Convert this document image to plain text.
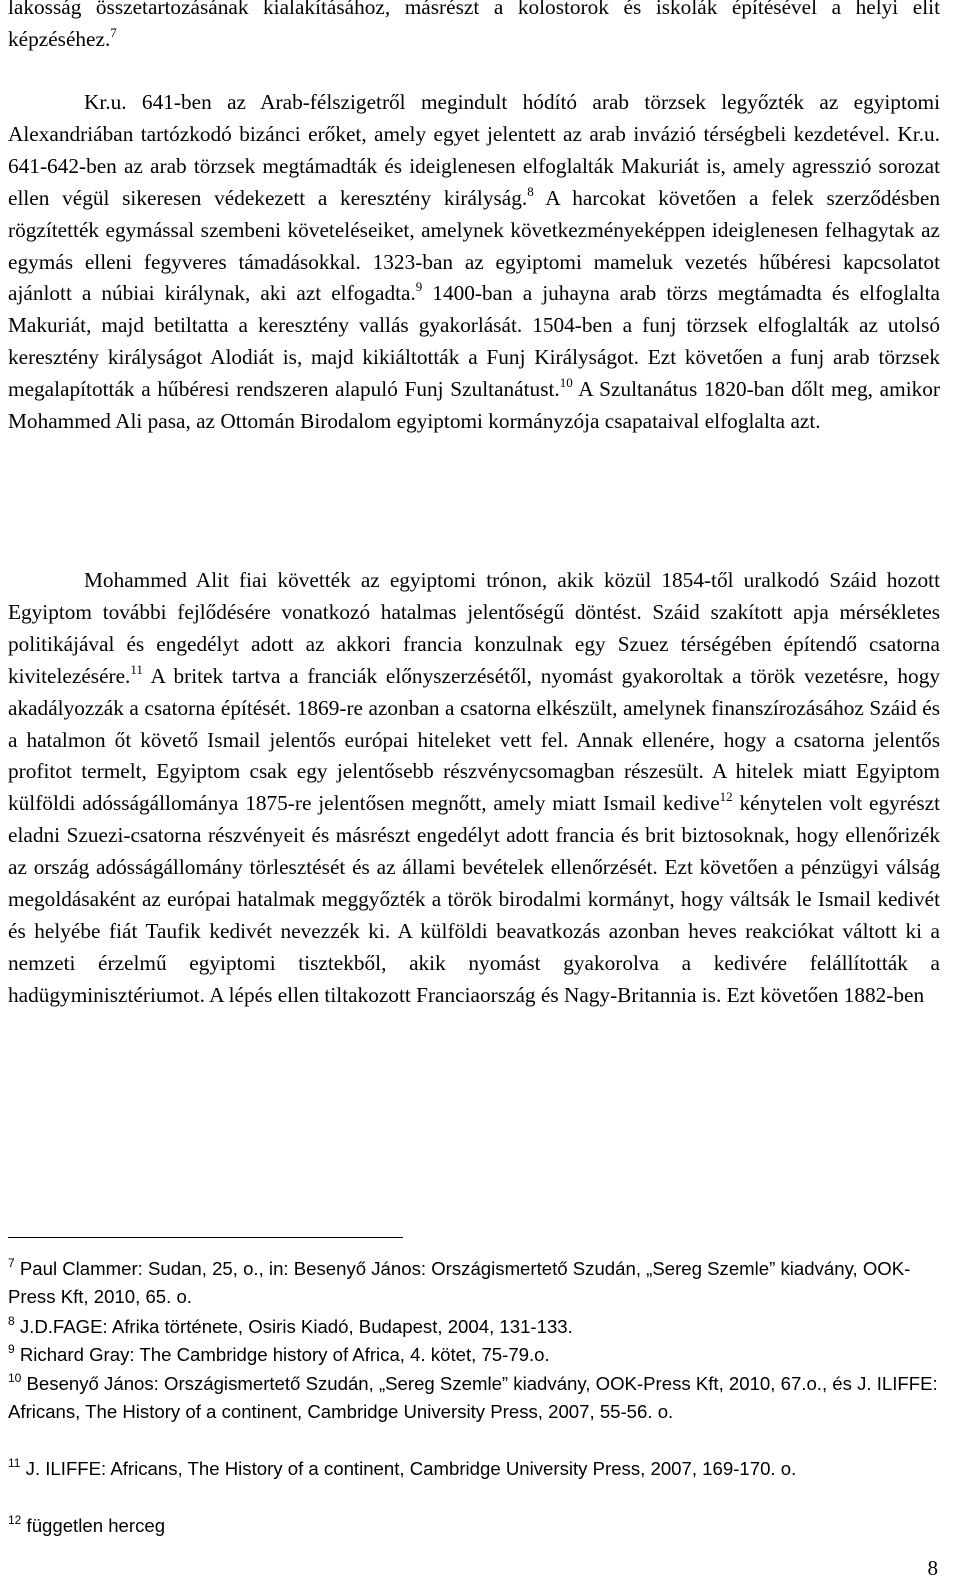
lakosság összetartozásának kialakításához, másrészt a kolostorok és iskolák építésével a helyi elit képzéséhez.$^7$

Kr.u. 641-ben az Arab-félszigetről megindult hódító arab törzsek legyőzték az egyiptomi Alexandriában tartózkodó bizánci erőket, amely egyet jelentett az arab invázió térségbeli kezdetével. Kr.u. 641-642-ben az arab törzsek megtámadták és ideiglenesen elfoglalták Makuriát is, amely agresszió sorozat ellen végül sikeresen védekezett a keresztény királyság.$^8$ A harcokat követően a felek szerződésben rögzítették egymással szembeni követeléseiket, amelynek következményeképpen ideiglenesen felhagytak az egymás elleni fegyveres támadásokkal. 1323-ban az egyiptomi mameluk vezetés hűbéresi kapcsolatot ajánlott a núbiai királynak, aki azt elfogadta.$^9$ 1400-ban a juhayna arab törzs megtámadta és elfoglalta Makuriát, majd betiltatta a keresztény vallás gyakorlását. 1504-ben a funj törzsek elfoglalták az utolsó keresztény királyságot Alodiát is, majd kikiáltották a Funj Királyságot. Ezt követően a funj arab törzsek megalapították a hűbéresi rendszeren alapuló Funj Szultanátust.$^{10}$ A Szultanátus 1820-ban dőlt meg, amikor Mohammed Ali pasa, az Ottomán Birodalom egyiptomi kormányzója csapataival elfoglalta azt.

Mohammed Alit fiai követték az egyiptomi trónon, akik közül 1854-től uralkodó Száid hozott Egyiptom további fejlődésére vonatkozó hatalmas jelentőségű döntést. Száid szakított apja mérsékletes politikájával és engedélyt adott az akkori francia konzulnak egy Szuez térségében építendő csatorna kivitelezésére.$^{11}$ A britek tartva a franciák előnyszerzésétől, nyomást gyakoroltak a török vezetésre, hogy akadályozzák a csatorna építését. 1869-re azonban a csatorna elkészült, amelynek finanszírozásához Száid és a hatalmon őt követő Ismail jelentős európai hiteleket vett fel. Annak ellenére, hogy a csatorna jelentős profitot termelt, Egyiptom csak egy jelentősebb részvénycsomagban részesült. A hitelek miatt Egyiptom külföldi adósságállománya 1875-re jelentősen megnőtt, amely miatt Ismail kedive$^{12}$ kénytelen volt egyrészt eladni Szuezi-csatorna részvényeit és másrészt engedélyt adott francia és brit biztosoknak, hogy ellenőrizék az ország adósságállomány törlesztését és az állami bevételek ellenőrzését. Ezt követően a pénzügyi válság megoldásaként az európai hatalmak meggyőzték a török birodalmi kormányt, hogy váltsák le Ismail kedivét és helyébe fiát Taufik kedivét nevezzék ki. A külföldi beavatkozás azonban heves reakciókat váltott ki a nemzeti érzelmű egyiptomi tisztekből, akik nyomást gyakorolva a kedivére felállították a hadügyminisztériumot. A lépés ellen tiltakozott Franciaország és Nagy-Britannia is. Ezt követően 1882-ben

$^7$ Paul Clammer: Sudan, 25, o., in: Besenyő János: Országismertető Szudán, „Sereg Szemle” kiadvány, OOK-Press Kft, 2010, 65. o.

$^8$ J.D.FAGE: Afrika története, Osiris Kiadó, Budapest, 2004, 131-133.

$^9$ Richard Gray: The Cambridge history of Africa, 4. kötet, 75-79.o.

$^{10}$ Besenyő János: Országismertető Szudán, „Sereg Szemle” kiadvány, OOK-Press Kft, 2010, 67.o., és J. ILIFFE: Africans, The History of a continent, Cambridge University Press, 2007, 55-56. o.

$^{11}$ J. ILIFFE: Africans, The History of a continent, Cambridge University Press, 2007, 169-170. o.

$^{12}$ független herceg

8
